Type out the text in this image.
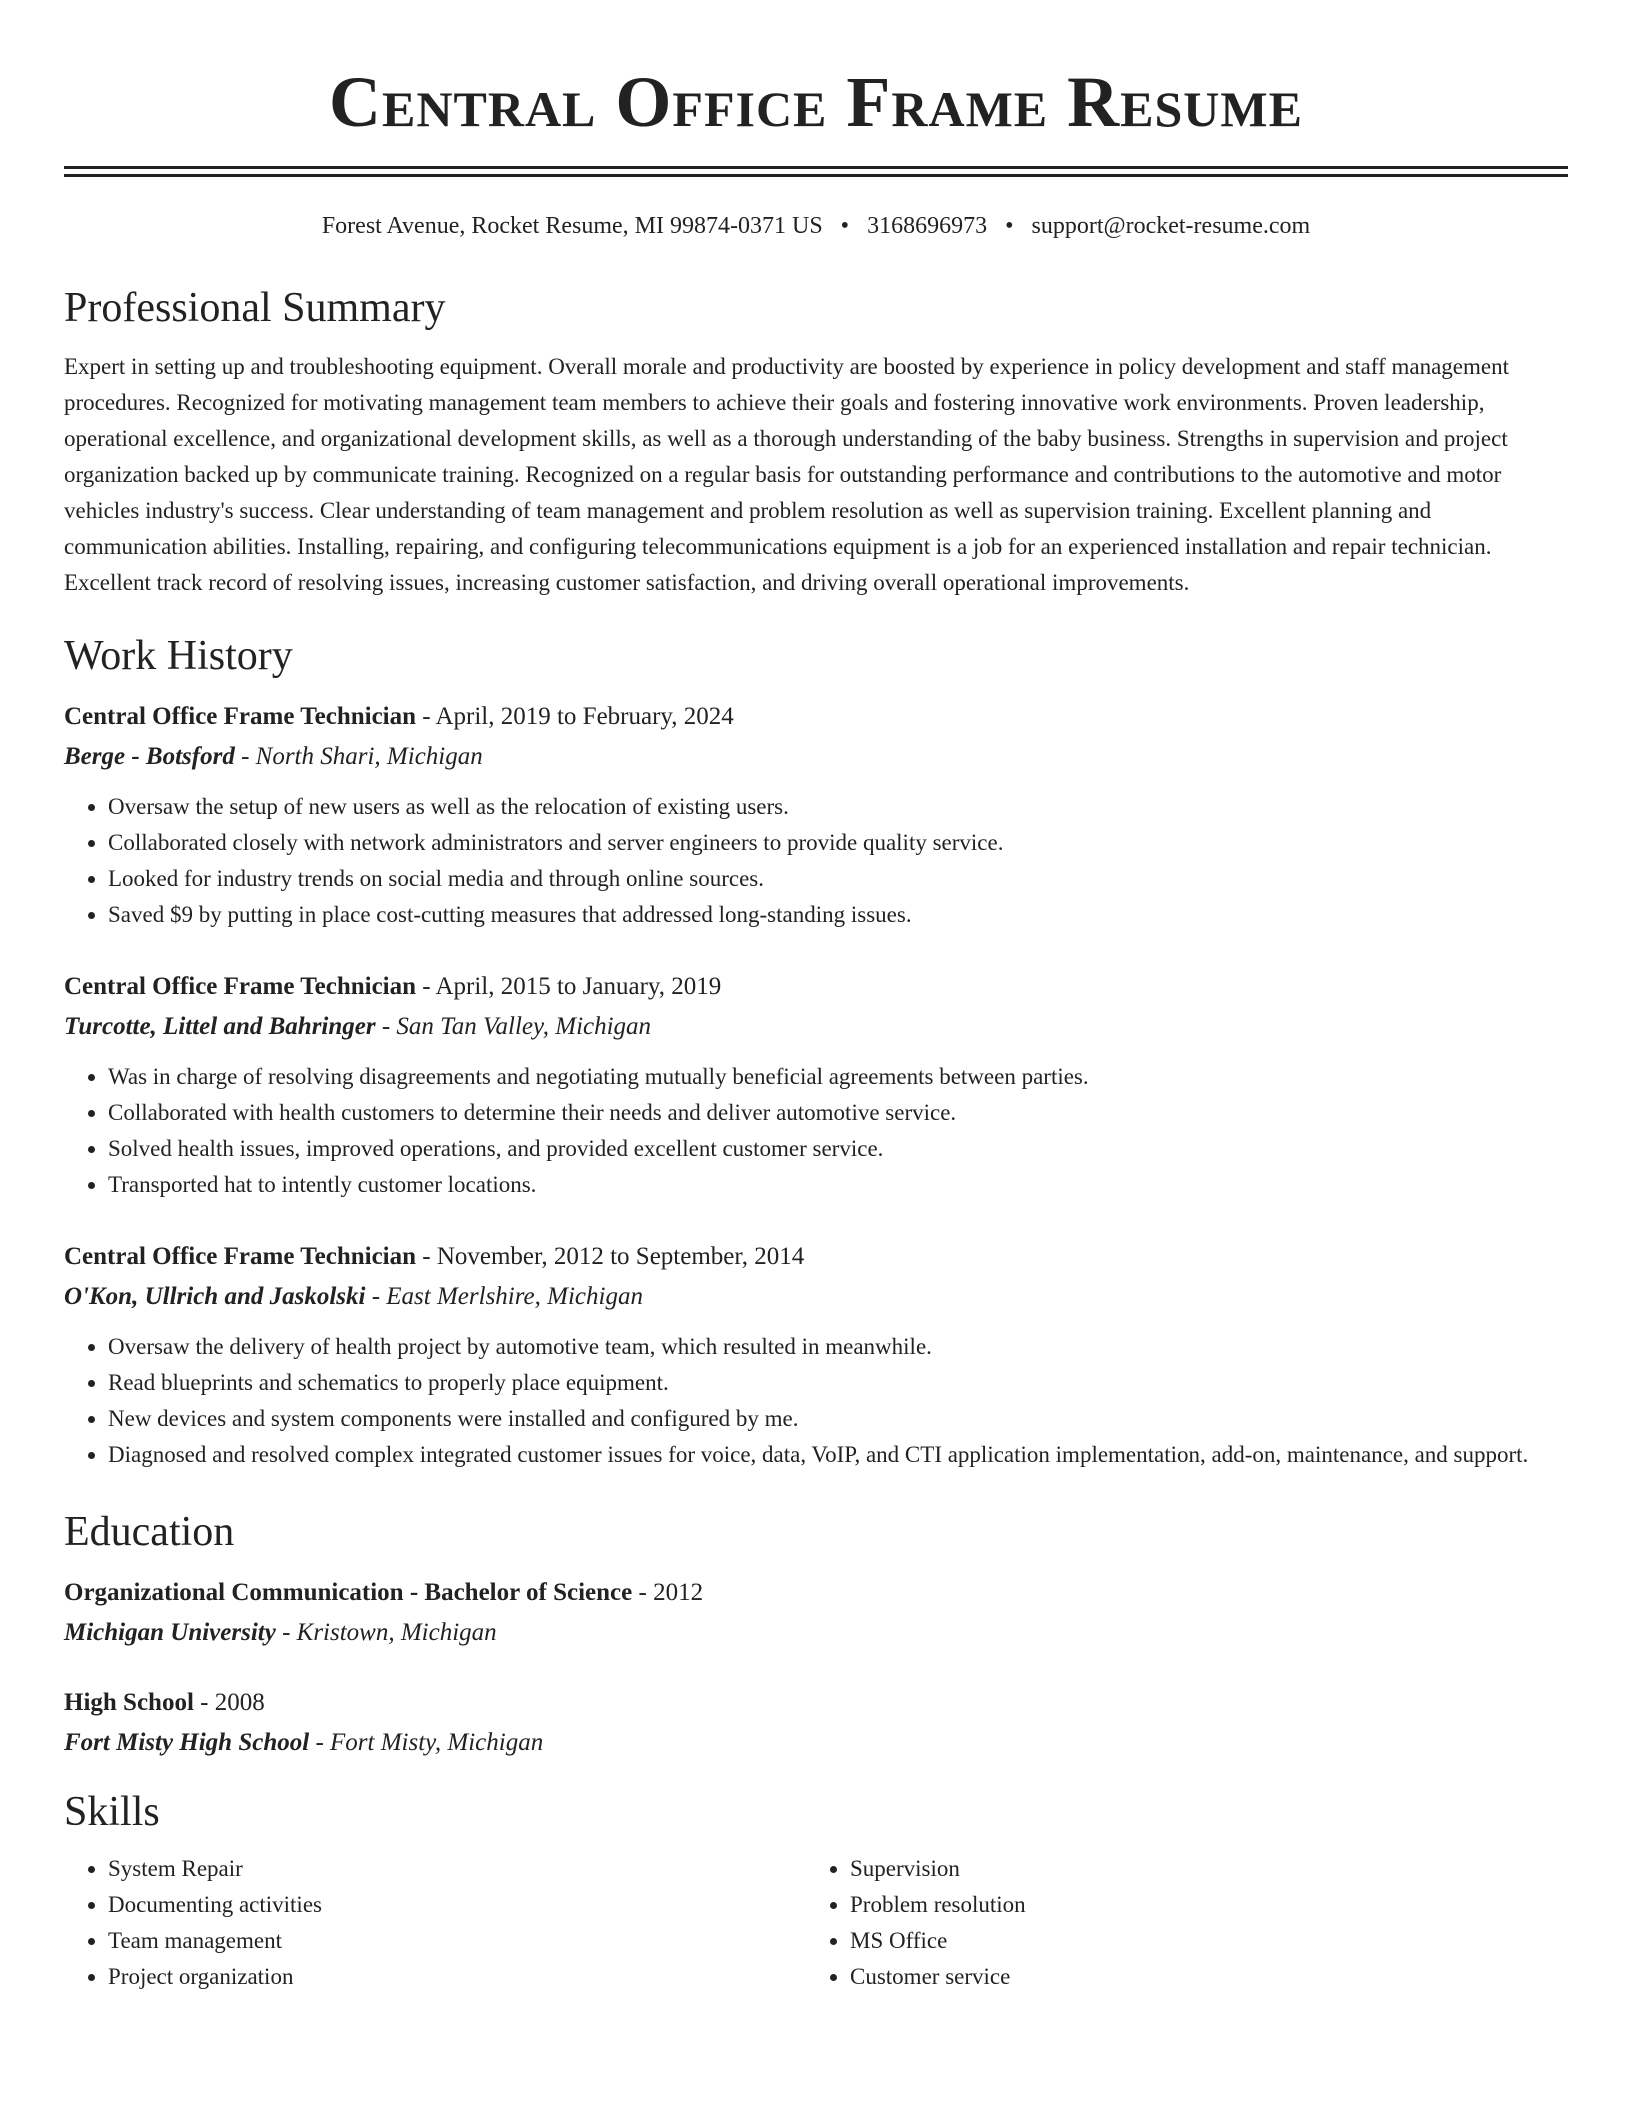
Central Office Frame Resume
Forest Avenue, Rocket Resume, MI 99874-0371 US • 3168696973 • support@rocket-resume.com
Professional Summary

Expert in setting up and troubleshooting equipment. Overall morale and productivity are boosted by experience in policy development and staff management procedures. Recognized for motivating management team members to achieve their goals and fostering innovative work environments. Proven leadership, operational excellence, and organizational development skills, as well as a thorough understanding of the baby business. Strengths in supervision and project organization backed up by communicate training. Recognized on a regular basis for outstanding performance and contributions to the automotive and motor vehicles industry's success. Clear understanding of team management and problem resolution as well as supervision training. Excellent planning and communication abilities. Installing, repairing, and configuring telecommunications equipment is a job for an experienced installation and repair technician. Excellent track record of resolving issues, increasing customer satisfaction, and driving overall operational improvements.

Work History
Central Office Frame Technician - April, 2019 to February, 2024
Berge - Botsford - North Shari, Michigan
• Oversaw the setup of new users as well as the relocation of existing users.
• Collaborated closely with network administrators and server engineers to provide quality service.
• Looked for industry trends on social media and through online sources.
• Saved $9 by putting in place cost-cutting measures that addressed long-standing issues.
Central Office Frame Technician - April, 2015 to January, 2019
Turcotte, Littel and Bahringer - San Tan Valley, Michigan
• Was in charge of resolving disagreements and negotiating mutually beneficial agreements between parties.
• Collaborated with health customers to determine their needs and deliver automotive service.
• Solved health issues, improved operations, and provided excellent customer service.
• Transported hat to intently customer locations.
Central Office Frame Technician - November, 2012 to September, 2014
O'Kon, Ullrich and Jaskolski - East Merlshire, Michigan
• Oversaw the delivery of health project by automotive team, which resulted in meanwhile.
• Read blueprints and schematics to properly place equipment.
• New devices and system components were installed and configured by me.
• Diagnosed and resolved complex integrated customer issues for voice, data, VoIP, and CTI application implementation, add-on, maintenance, and support.
Education
Organizational Communication - Bachelor of Science - 2012
Michigan University - Kristown, Michigan
High School - 2008
Fort Misty High School - Fort Misty, Michigan
Skills
• System Repair
• Documenting activities
• Team management
• Project organization
• Supervision
• Problem resolution
• MS Office
• Customer service
